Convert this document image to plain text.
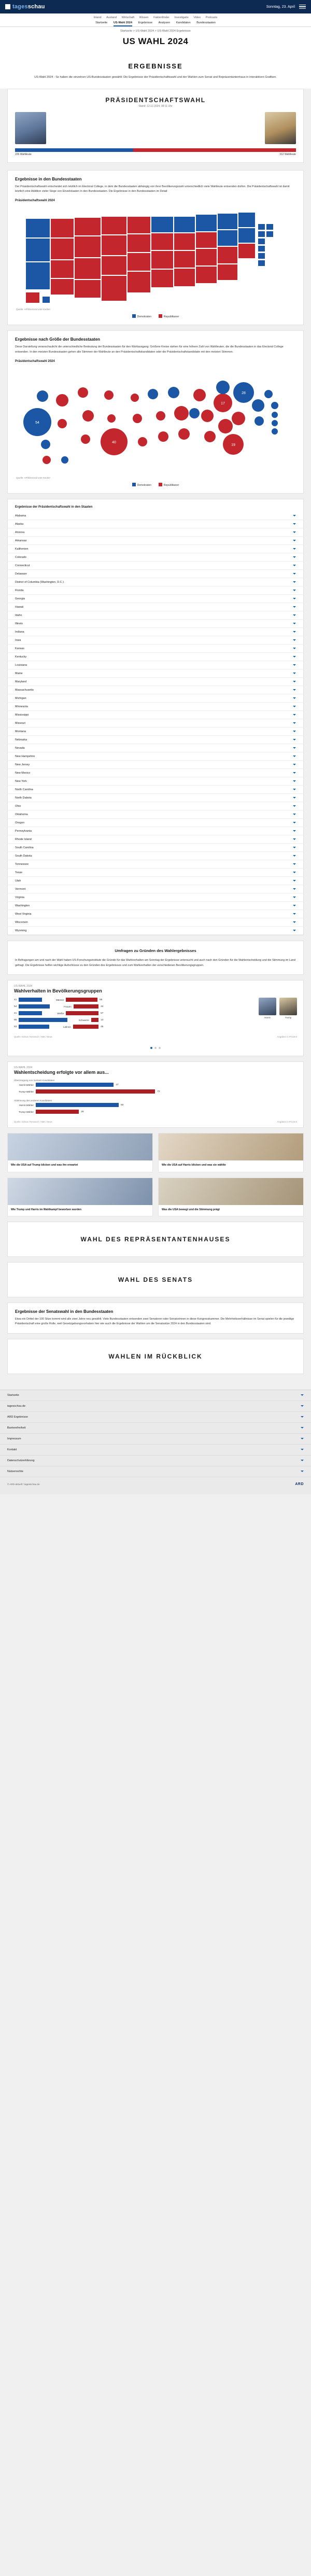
tagesschau	Sonntag, 23. April
Inland Ausland Wirtschaft Wissen Faktenfinder Investigativ Video Podcasts
Startseite US-Wahl 2024 Ergebnisse Analysen Kandidaten Bundesstaaten
Startseite > US-Wahl 2024 > US-Wahl 2024 Ergebnisse
US WAHL 2024
ERGEBNISSE
US-Wahl 2024 - So haben die einzelnen US-Bundesstaaten gewählt: Die Ergebnisse der Präsidentschaftswahl und der Wahlen zum Senat und Repräsentantenhaus in interaktiven Grafiken.
PRÄSIDENTSCHAFTSWAHL
Stand: 12.12.2024, 08:11 Uhr
226 Wahlleute	312 Wahlleute
Ergebnisse in den Bundesstaaten

Der Präsidentschaftswahl entscheidet sich letztlich im Electoral College, in dem die Bundesstaaten abhängig von ihrer Bevölkerungszahl unterschiedlich viele Wahlleute entsenden dürfen. Die Präsidentschaftswahl ist damit letztlich eine Addition vieler Siege von Einzelstaaten in den Bundesstaaten. Die Ergebnisse in den Bundesstaaten im Detail:

Präsidentschaftswahl 2024
Quelle: AP/Electoral vote tracker
Demokraten	Republikaner
Ergebnisse nach Größe der Bundesstaaten

Diese Darstellung veranschaulicht die unterschiedliche Bedeutung der Bundesstaaten für den Wahlausgang: Größere Kreise stehen für eine höhere Zahl von Wahlleuten, die die Bundesstaaten in das Electoral College entsenden. In den meisten Bundesstaaten gehen alle Stimmen der Wahlleute an den Präsidentschaftskandidaten oder die Präsidentschaftskandidatin mit den meisten Stimmen.

Präsidentschaftswahl 2024
54
40
28
19
17
Quelle: AP/Electoral vote tracker
Demokraten	Republikaner
Ergebnisse der Präsidentschaftswahl in den Staaten
Alabama
Alaska
Arizona
Arkansas
Kalifornien
Colorado
Connecticut
Delaware
District of Columbia (Washington, D.C.)
Florida
Georgia
Hawaii
Idaho
Illinois
Indiana
Iowa
Kansas
Kentucky
Louisiana
Maine
Maryland
Massachusetts
Michigan
Minnesota
Mississippi
Missouri
Montana
Nebraska
Nevada
New Hampshire
New Jersey
New Mexico
New York
North Carolina
North Dakota
Ohio
Oklahoma
Oregon
Pennsylvania
Rhode Island
South Carolina
South Dakota
Tennessee
Texas
Utah
Vermont
Virginia
Washington
West Virginia
Wisconsin
Wyoming
Umfragen zu Gründen des Wahlergebnisses

In Befragungen am und nach der Wahl haben US-Forschungsinstitute die Gründe für das Wahlverhalten am Sonntag der Ergebnisse untersucht und auch nach den Gründen für die Wahlentscheidung und die Stimmung im Land gefragt. Die Ergebnisse helfen wichtige Aufschlüsse zu den Gründen des Ergebnisses und zum Wahlverhalten der verschiedenen Bevölkerungsgruppen.

US-WAHL 2024
Wahlverhalten in Bevölkerungsgruppen
41	Männer	55
54	Frauen	44
41	Weiße	57
85	Schwarze	13
53	Latinos	45
Harris	Trump
Quelle: Edison Research / NBC News	Angaben in Prozent
US-WAHL 2024
Wahlentscheidung erfolgte vor allem aus...
Überzeugung von meinem Kandidaten
Harris-Wähler	47
Trump-Wähler	72
Ablehnung des anderen Kandidaten
Harris-Wähler	50
Trump-Wähler	26
Quelle: Edison Research / NBC News	Angaben in Prozent
Wie die USA auf Trump blicken und was ihn erwartet	Wie die USA auf Harris blicken und was sie wählte
Wie Trump und Harris im Wahlkampf beworben wurden	Was die USA bewegt und die Stimmung prägt
WAHL DES REPRÄSENTANTENHAUSES
WAHL DES SENATS
Ergebnisse der Senatswahl in den Bundesstaaten

Etwa ein Drittel der 100 Sitze kommt wird alle zwei Jahre neu gewählt. Viele Bundesstaaten entsenden zwei Senatoren oder Senatorinnen in diese Kongresskammer. Die Mehrheitsverhältnisse im Senat spielen für die jeweilige Präsidentschaft eine große Rolle, weil Gesetzgebungsvorhaben hier wie auch die Ergebnisse der Wahlen um die Senatssitze 2024 in den Bundesstaaten sind.

WAHLEN IM RÜCKBLICK
Startseite
tagesschau.de
ARD Ergebnisse
Barrierefreiheit
Impressum
Kontakt
Datenschutzerklärung
Nutzerrechte
© ARD-aktuell / tagesschau.de	ARD
